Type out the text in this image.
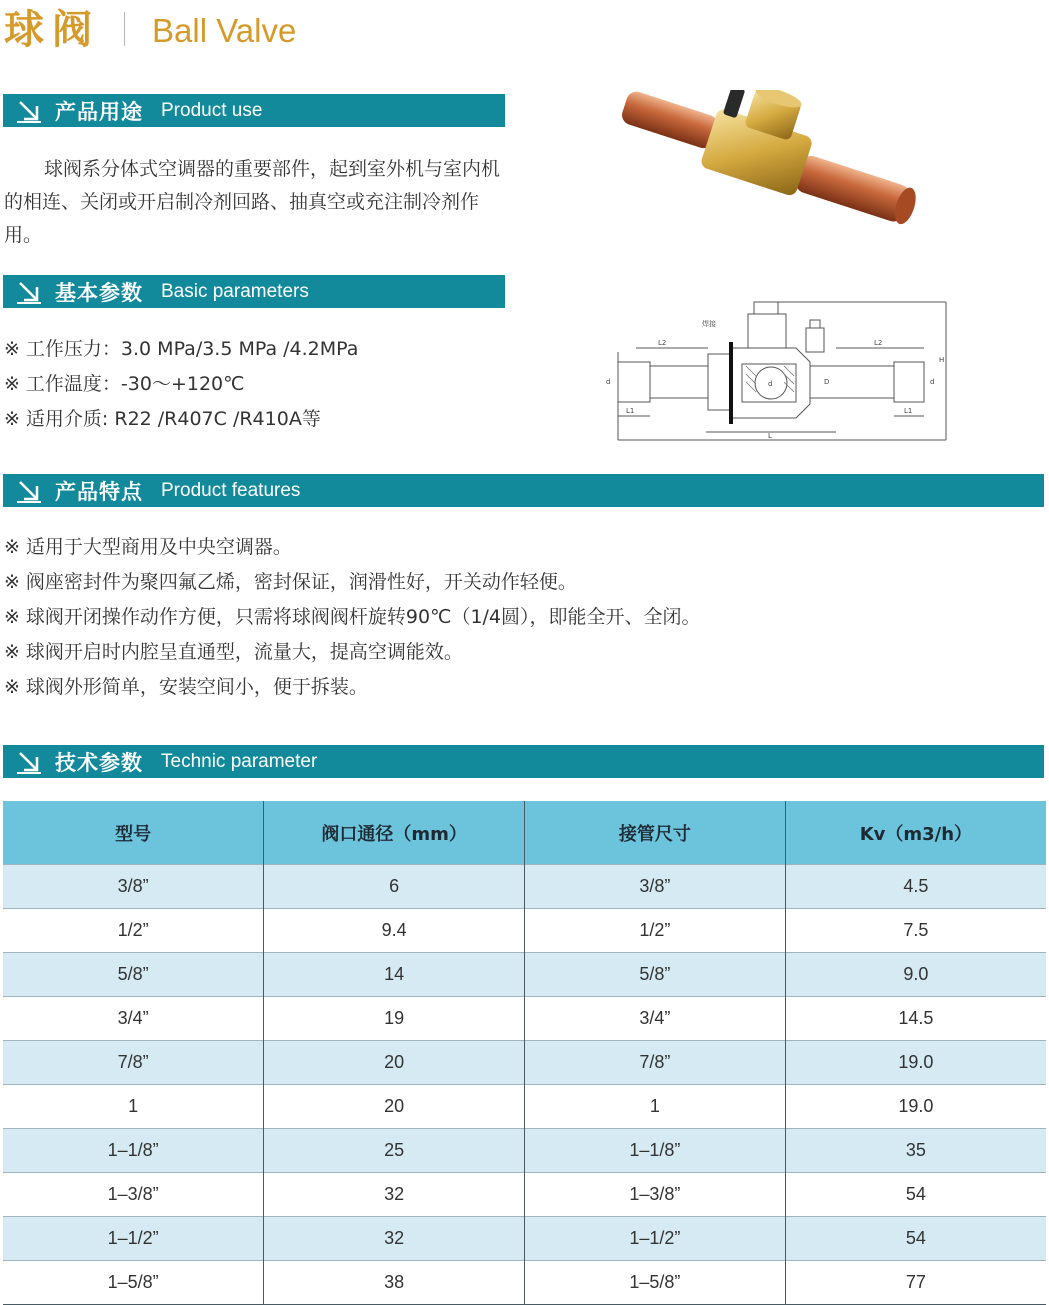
球阀 Ball Valve
产品用途 Product use
球阀系分体式空调器的重要部件，起到室外机与室内机的相连、关闭或开启制冷剂回路、抽真空或充注制冷剂作用。
基本参数 Basic parameters
※ 工作压力：3.0 MPa/3.5 MPa /4.2MPa
※ 工作温度：-30～+120℃
※ 适用介质: R22 /R407C /R410A等
焊接
L2	L2
L1	L1
L
H
d	d
d	D
产品特点 Product features
※ 适用于大型商用及中央空调器。
※ 阀座密封件为聚四氟乙烯，密封保证，润滑性好，开关动作轻便。
※ 球阀开闭操作动作方便，只需将球阀阀杆旋转90℃（1/4圆），即能全开、全闭。
※ 球阀开启时内腔呈直通型，流量大，提高空调能效。
※ 球阀外形简单，安装空间小，便于拆装。
技术参数 Technic parameter
型号	阀口通径（mm）	接管尺寸	Kv（m3/h）
3/8”	6	3/8”	4.5
1/2”	9.4	1/2”	7.5
5/8”	14	5/8”	9.0
3/4”	19	3/4”	14.5
7/8”	20	7/8”	19.0
1	20	1	19.0
1–1/8”	25	1–1/8”	35
1–3/8”	32	1–3/8”	54
1–1/2”	32	1–1/2”	54
1–5/8”	38	1–5/8”	77
